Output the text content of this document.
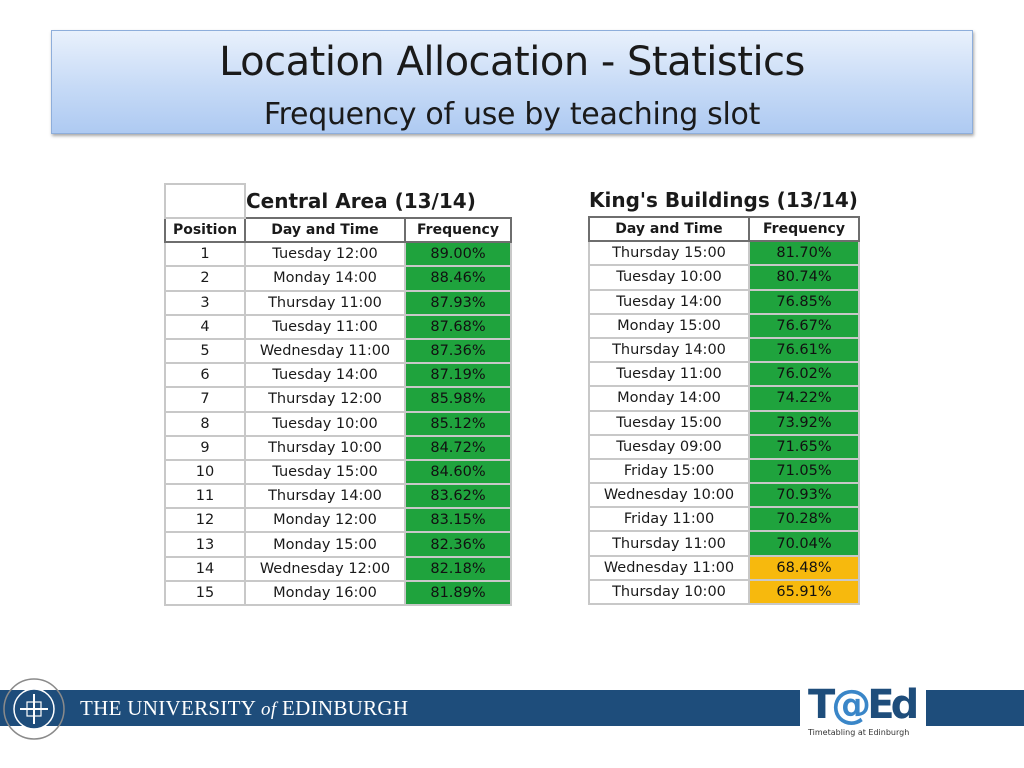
Location Allocation - Statistics
Frequency of use by teaching slot
	Central Area (13/14)	
Position	Day and Time	Frequency
1	Tuesday 12:00	89.00%
2	Monday 14:00	88.46%
3	Thursday 11:00	87.93%
4	Tuesday 11:00	87.68%
5	Wednesday 11:00	87.36%
6	Tuesday 14:00	87.19%
7	Thursday 12:00	85.98%
8	Tuesday 10:00	85.12%
9	Thursday 10:00	84.72%
10	Tuesday 15:00	84.60%
11	Thursday 14:00	83.62%
12	Monday 12:00	83.15%
13	Monday 15:00	82.36%
14	Wednesday 12:00	82.18%
15	Monday 16:00	81.89%
King's Buildings (13/14)	
Day and Time	Frequency
Thursday 15:00	81.70%
Tuesday 10:00	80.74%
Tuesday 14:00	76.85%
Monday 15:00	76.67%
Thursday 14:00	76.61%
Tuesday 11:00	76.02%
Monday 14:00	74.22%
Tuesday 15:00	73.92%
Tuesday 09:00	71.65%
Friday 15:00	71.05%
Wednesday 10:00	70.93%
Friday 11:00	70.28%
Thursday 11:00	70.04%
Wednesday 11:00	68.48%
Thursday 10:00	65.91%
THE UNIVERSITY of EDINBURGH	T@Ed
Timetabling at Edinburgh
